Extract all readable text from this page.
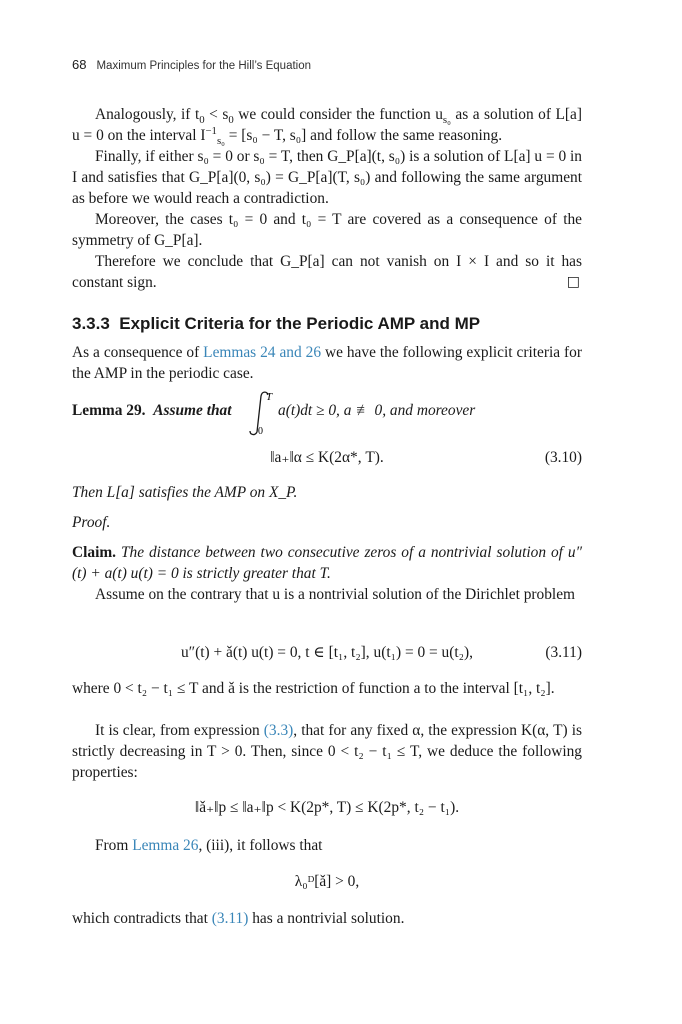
68 Maximum Principles for the Hill’s Equation
Analogously, if $t_0 < s_0$ we could consider the function $u_{s_0}$ as a solution of L[a] u = 0 on the interval $I^{-1}_{s_0} = [s_0 - T$, s₀] and follow the same reasoning.
Finally, if either s₀ = 0 or s₀ = T, then G_P[a](t, s₀) is a solution of L[a] u = 0 in I and satisfies that G_P[a](0, s₀) = G_P[a](T, s₀) and following the same argument as before we would reach a contradiction.
Moreover, the cases t₀ = 0 and t₀ = T are covered as a consequence of the symmetry of G_P[a].
Therefore we conclude that G_P[a] can not vanish on I × I and so it has constant sign.	□
3.3.3 Explicit Criteria for the Periodic AMP and MP
As a consequence of Lemmas 24 and 26 we have the following explicit criteria for the AMP in the periodic case.
Lemma 29. Assume that
T
0
a(t)dt ≥ 0, a ≢ 0, and moreover
‖a₊‖α ≤ K(2α*, T).	(3.10)
Then L[a] satisfies the AMP on X_P.
Proof.
Claim. The distance between two consecutive zeros of a nontrivial solution of u″(t) + a(t) u(t) = 0 is strictly greater that T.
Assume on the contrary that u is a nontrivial solution of the Dirichlet problem
u″(t) + ǎ(t) u(t) = 0, t ∈ [t₁, t₂], u(t₁) = 0 = u(t₂),	(3.11)
where 0 < t₂ − t₁ ≤ T and ǎ is the restriction of function a to the interval [t₁, t₂].
It is clear, from expression (3.3), that for any fixed α, the expression K(α, T) is strictly decreasing in T > 0. Then, since 0 < t₂ − t₁ ≤ T, we deduce the following properties:
‖ǎ₊‖p ≤ ‖a₊‖p < K(2p*, T) ≤ K(2p*, t₂ − t₁).
From Lemma 26, (iii), it follows that
λ₀ᴰ[ǎ] > 0,
which contradicts that (3.11) has a nontrivial solution.
